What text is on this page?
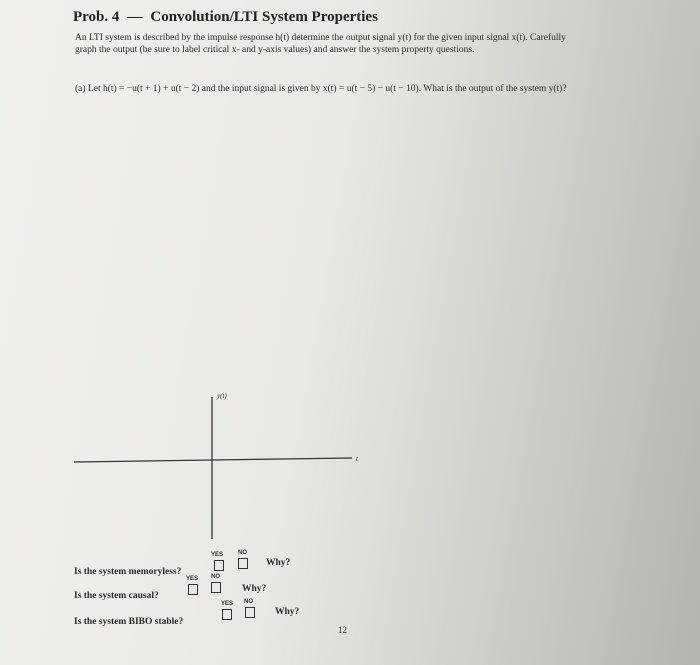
Prob. 4 — Convolution/LTI System Properties
An LTI system is described by the impulse response h(t) determine the output signal y(t) for the given input signal x(t). Carefully graph the output (be sure to label critical x- and y-axis values) and answer the system property questions.
(a) Let h(t) = −u(t + 1) + u(t − 2) and the input signal is given by x(t) = u(t − 5) − u(t − 10). What is the output of the system y(t)?
y(t)
t
Is the system memoryless?
YES NO
Why?
Is the system causal?
YES NO
Why?
Is the system BIBO stable?
YES NO
Why?
12
